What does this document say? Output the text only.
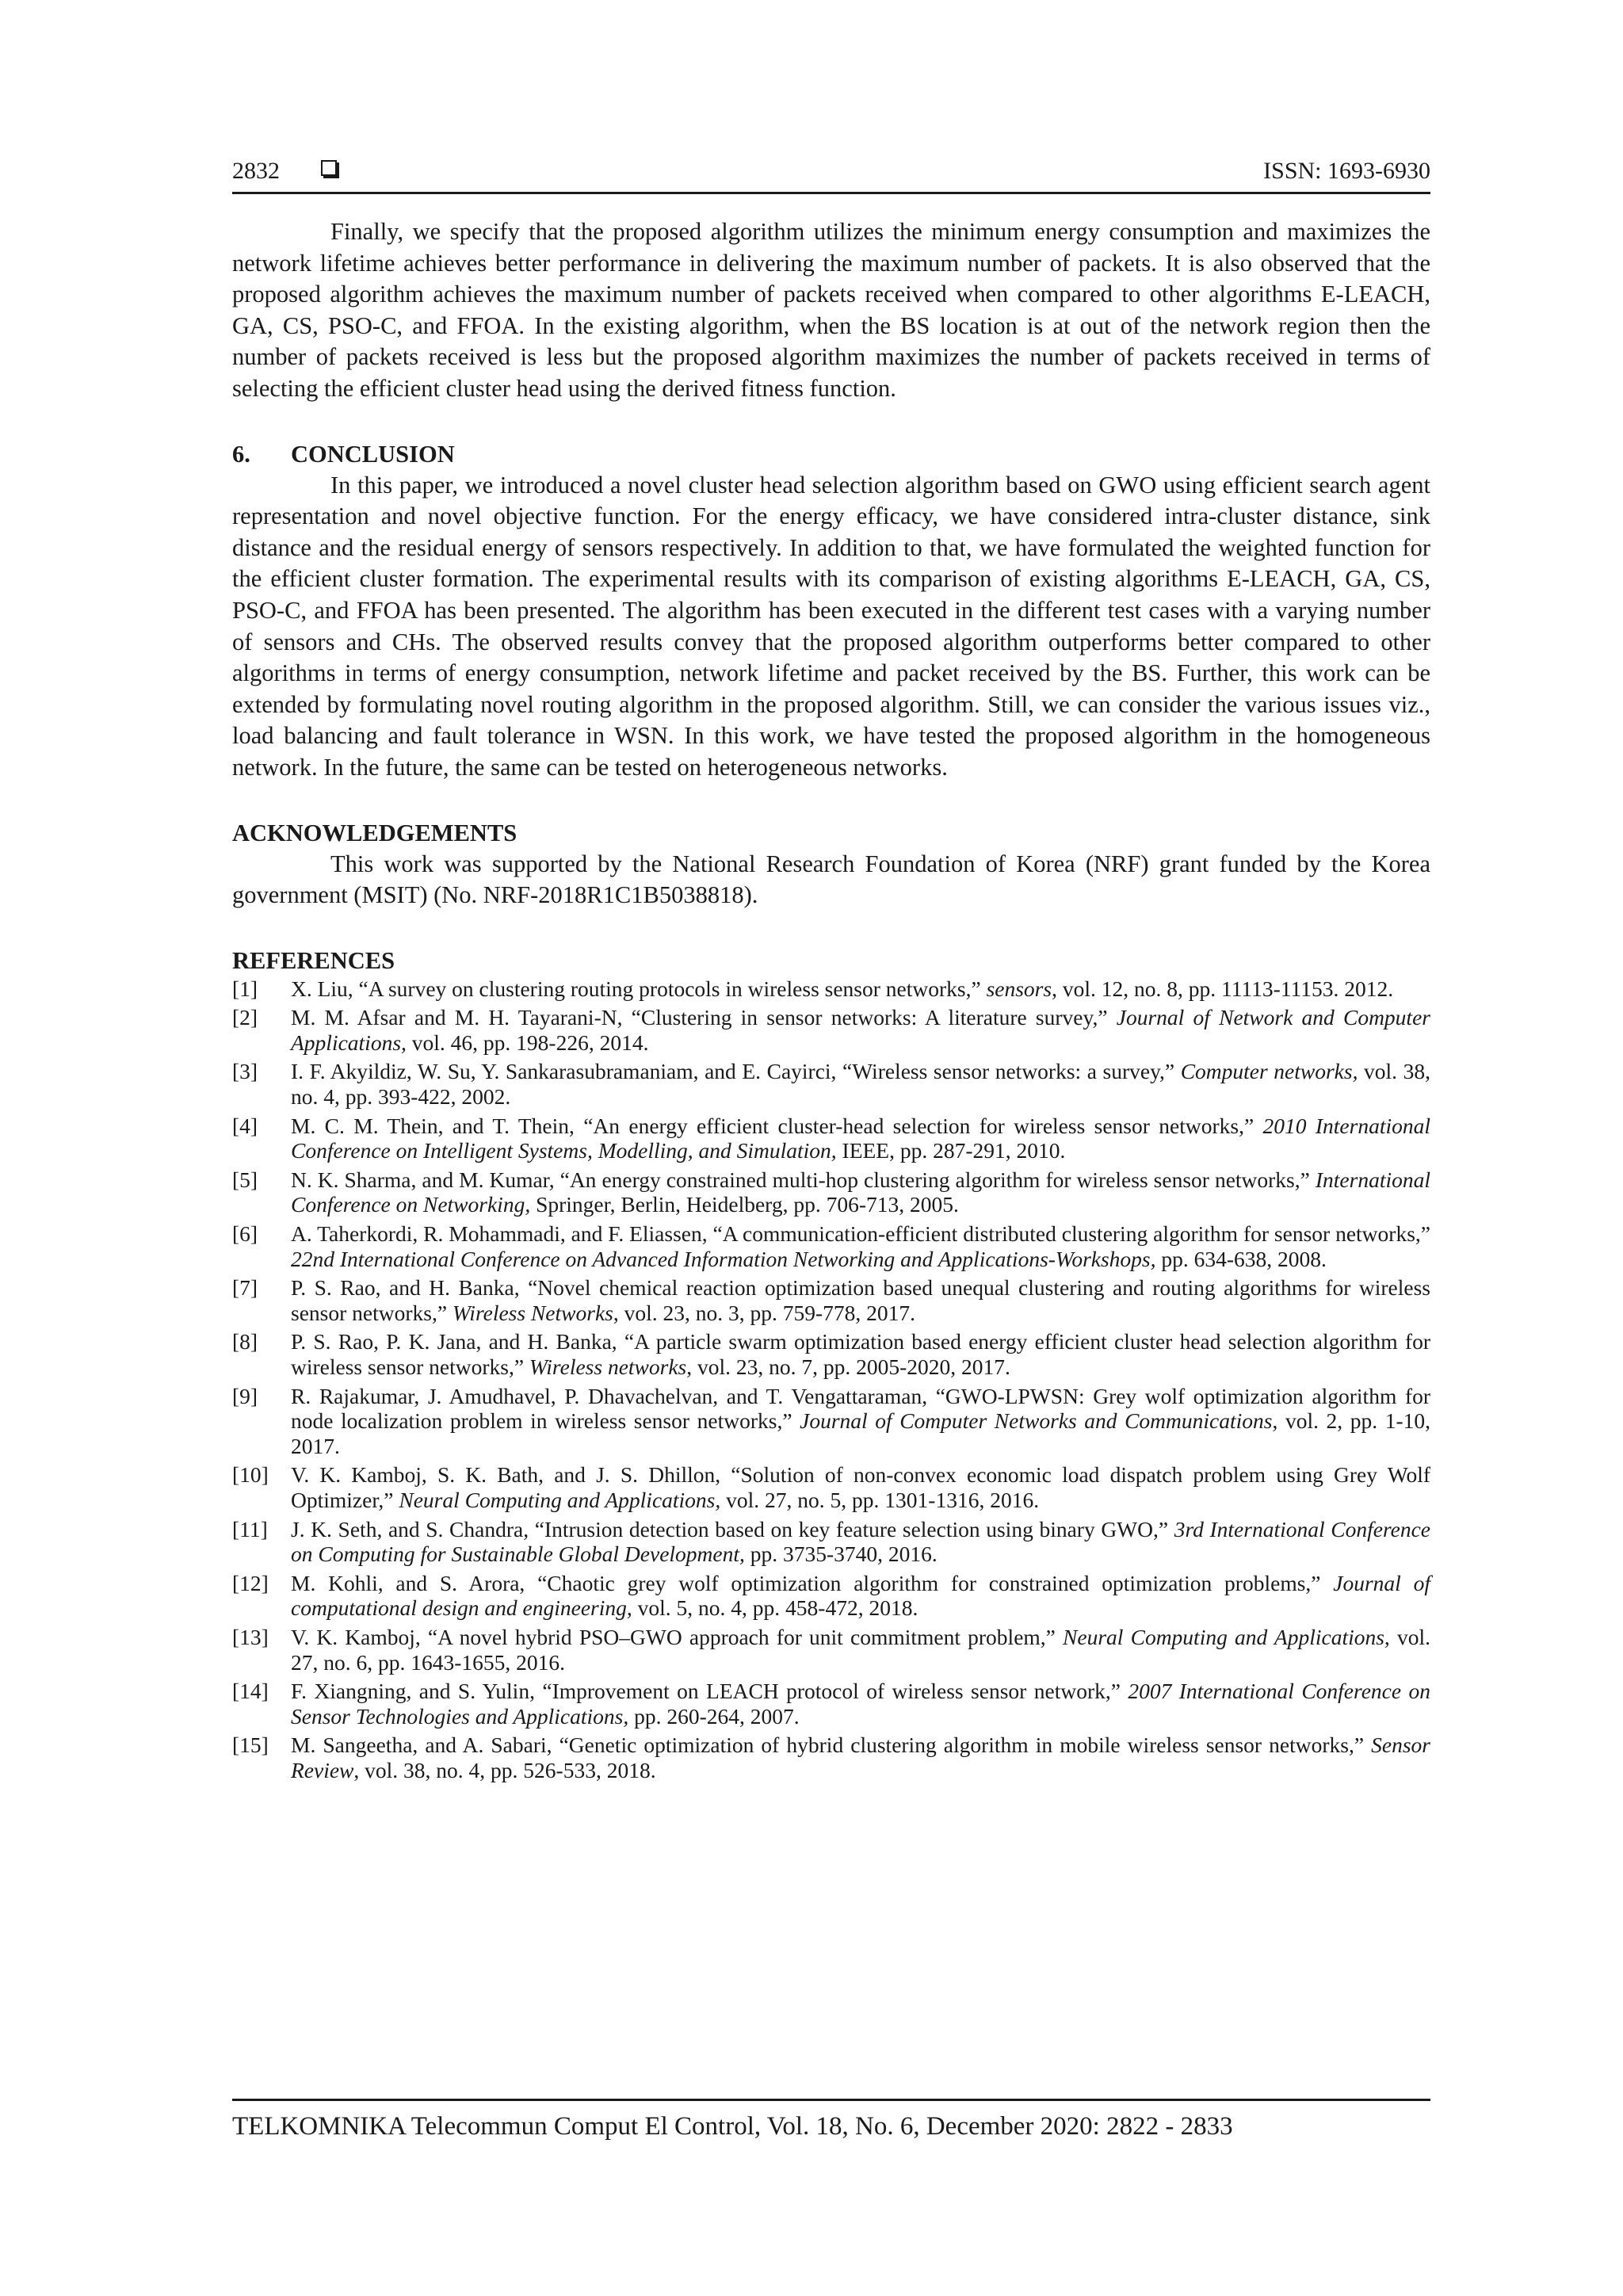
2832	ISSN: 1693-6930

Finally, we specify that the proposed algorithm utilizes the minimum energy consumption and maximizes the network lifetime achieves better performance in delivering the maximum number of packets. It is also observed that the proposed algorithm achieves the maximum number of packets received when compared to other algorithms E-LEACH, GA, CS, PSO-C, and FFOA. In the existing algorithm, when the BS location is at out of the network region then the number of packets received is less but the proposed algorithm maximizes the number of packets received in terms of selecting the efficient cluster head using the derived fitness function.

6. CONCLUSION

In this paper, we introduced a novel cluster head selection algorithm based on GWO using efficient search agent representation and novel objective function. For the energy efficacy, we have considered intra-cluster distance, sink distance and the residual energy of sensors respectively. In addition to that, we have formulated the weighted function for the efficient cluster formation. The experimental results with its comparison of existing algorithms E-LEACH, GA, CS, PSO-C, and FFOA has been presented. The algorithm has been executed in the different test cases with a varying number of sensors and CHs. The observed results convey that the proposed algorithm outperforms better compared to other algorithms in terms of energy consumption, network lifetime and packet received by the BS. Further, this work can be extended by formulating novel routing algorithm in the proposed algorithm. Still, we can consider the various issues viz., load balancing and fault tolerance in WSN. In this work, we have tested the proposed algorithm in the homogeneous network. In the future, the same can be tested on heterogeneous networks.

ACKNOWLEDGEMENTS

This work was supported by the National Research Foundation of Korea (NRF) grant funded by the Korea government (MSIT) (No. NRF-2018R1C1B5038818).

REFERENCES
[1] X. Liu, “A survey on clustering routing protocols in wireless sensor networks,” sensors, vol. 12, no. 8, pp. 11113-11153. 2012.
[2] M. M. Afsar and M. H. Tayarani-N, “Clustering in sensor networks: A literature survey,” Journal of Network and Computer Applications, vol. 46, pp. 198-226, 2014.
[3] I. F. Akyildiz, W. Su, Y. Sankarasubramaniam, and E. Cayirci, “Wireless sensor networks: a survey,” Computer networks, vol. 38, no. 4, pp. 393-422, 2002.
[4] M. C. M. Thein, and T. Thein, “An energy efficient cluster-head selection for wireless sensor networks,” 2010 International Conference on Intelligent Systems, Modelling, and Simulation, IEEE, pp. 287-291, 2010.
[5] N. K. Sharma, and M. Kumar, “An energy constrained multi-hop clustering algorithm for wireless sensor networks,” International Conference on Networking, Springer, Berlin, Heidelberg, pp. 706-713, 2005.
[6] A. Taherkordi, R. Mohammadi, and F. Eliassen, “A communication-efficient distributed clustering algorithm for sensor networks,” 22nd International Conference on Advanced Information Networking and Applications-Workshops, pp. 634-638, 2008.
[7] P. S. Rao, and H. Banka, “Novel chemical reaction optimization based unequal clustering and routing algorithms for wireless sensor networks,” Wireless Networks, vol. 23, no. 3, pp. 759-778, 2017.
[8] P. S. Rao, P. K. Jana, and H. Banka, “A particle swarm optimization based energy efficient cluster head selection algorithm for wireless sensor networks,” Wireless networks, vol. 23, no. 7, pp. 2005-2020, 2017.
[9] R. Rajakumar, J. Amudhavel, P. Dhavachelvan, and T. Vengattaraman, “GWO-LPWSN: Grey wolf optimization algorithm for node localization problem in wireless sensor networks,” Journal of Computer Networks and Communications, vol. 2, pp. 1-10, 2017.
[10] V. K. Kamboj, S. K. Bath, and J. S. Dhillon, “Solution of non-convex economic load dispatch problem using Grey Wolf Optimizer,” Neural Computing and Applications, vol. 27, no. 5, pp. 1301-1316, 2016.
[11] J. K. Seth, and S. Chandra, “Intrusion detection based on key feature selection using binary GWO,” 3rd International Conference on Computing for Sustainable Global Development, pp. 3735-3740, 2016.
[12] M. Kohli, and S. Arora, “Chaotic grey wolf optimization algorithm for constrained optimization problems,” Journal of computational design and engineering, vol. 5, no. 4, pp. 458-472, 2018.
[13] V. K. Kamboj, “A novel hybrid PSO–GWO approach for unit commitment problem,” Neural Computing and Applications, vol. 27, no. 6, pp. 1643-1655, 2016.
[14] F. Xiangning, and S. Yulin, “Improvement on LEACH protocol of wireless sensor network,” 2007 International Conference on Sensor Technologies and Applications, pp. 260-264, 2007.
[15] M. Sangeetha, and A. Sabari, “Genetic optimization of hybrid clustering algorithm in mobile wireless sensor networks,” Sensor Review, vol. 38, no. 4, pp. 526-533, 2018.
TELKOMNIKA Telecommun Comput El Control, Vol. 18, No. 6, December 2020: 2822 - 2833
